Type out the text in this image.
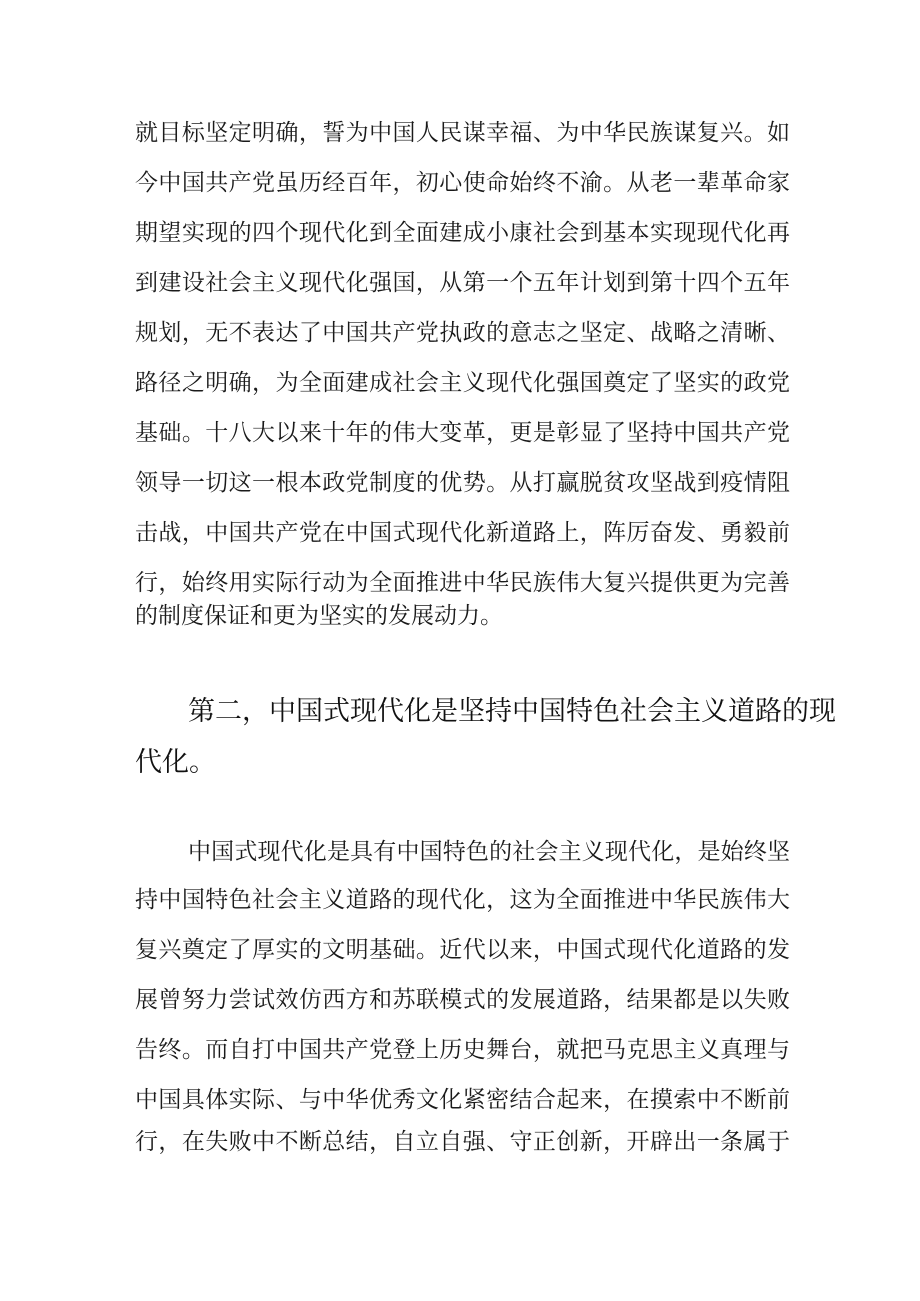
就目标坚定明确，誓为中国人民谋幸福、为中华民族谋复兴。如
今中国共产党虽历经百年，初心使命始终不渝。从老一辈革命家
期望实现的四个现代化到全面建成小康社会到基本实现现代化再
到建设社会主义现代化强国，从第一个五年计划到第十四个五年
规划，无不表达了中国共产党执政的意志之坚定、战略之清晰、
路径之明确，为全面建成社会主义现代化强国奠定了坚实的政党
基础。十八大以来十年的伟大变革，更是彰显了坚持中国共产党
领导一切这一根本政党制度的优势。从打赢脱贫攻坚战到疫情阻
击战，中国共产党在中国式现代化新道路上，阵厉奋发、勇毅前
行，始终用实际行动为全面推进中华民族伟大复兴提供更为完善
的制度保证和更为坚实的发展动力。
第二，中国式现代化是坚持中国特色社会主义道路的现
代化。
中国式现代化是具有中国特色的社会主义现代化，是始终坚
持中国特色社会主义道路的现代化，这为全面推进中华民族伟大
复兴奠定了厚实的文明基础。近代以来，中国式现代化道路的发
展曾努力尝试效仿西方和苏联模式的发展道路，结果都是以失败
告终。而自打中国共产党登上历史舞台，就把马克思主义真理与
中国具体实际、与中华优秀文化紧密结合起来，在摸索中不断前
行，在失败中不断总结，自立自强、守正创新，开辟出一条属于
